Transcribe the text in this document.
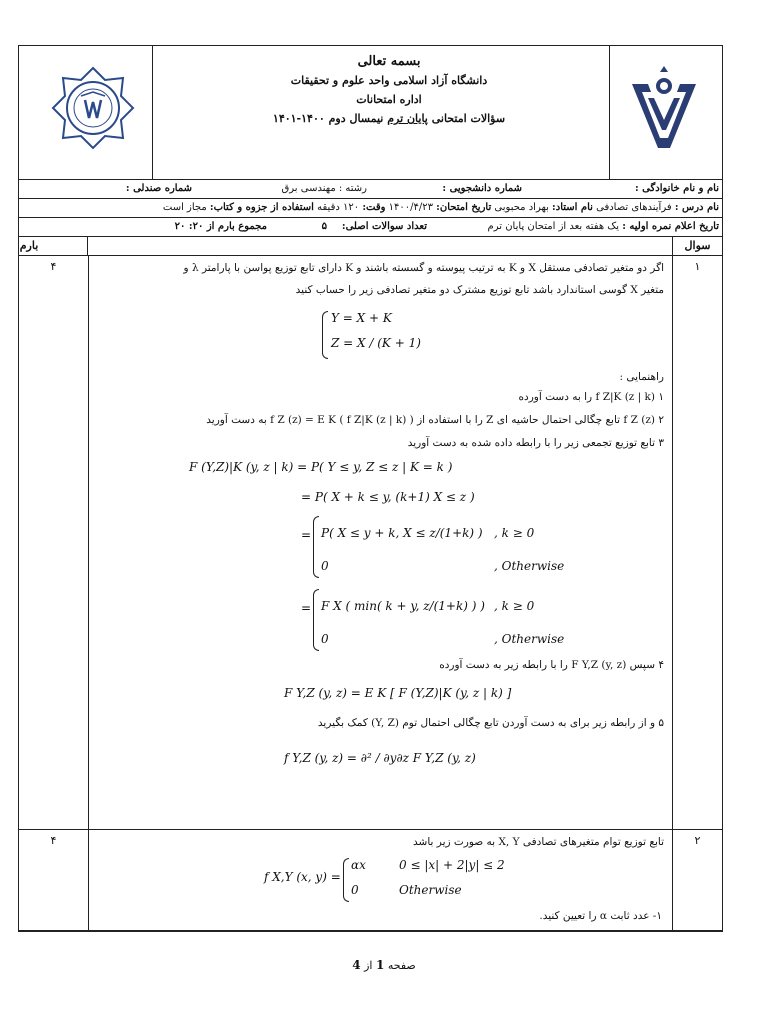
بسمه تعالی
دانشگاه آزاد اسلامی واحد علوم و تحقیقات
اداره امتحانات
سؤالات امتحانی پایان ترم نیمسال دوم ۱۴۰۰-۱۴۰۱
نام و نام خانوادگی :
شماره دانشجویی :
رشته : مهندسی برق
شماره صندلی :
نام درس : فرآیندهای تصادفی نام استاد: بهراد محبوبی تاریخ امتحان: ۱۴۰۰/۴/۲۳ وقت: ۱۲۰ دقیقه استفاده از جزوه و کتاب: مجاز است
تاریخ اعلام نمره اولیه : یک هفته بعد از امتحان پایان ترم
تعداد سوالات اصلی:
۵
مجموع بارم از ۲۰: ۲۰
سوال
بارم
۱
۴	اگر دو متغیر تصادفی مستقل X و K به ترتیب پیوسته و گسسته باشند و K دارای تابع توزیع پواسن با پارامتر λ و
متغیر X گوسی استاندارد باشد تابع توزیع مشترک دو متغیر تصادفی زیر را حساب کنید
Y = X + K
Z = X / (K + 1)
راهنمایی :
۱ f Z|K (z | k) را به دست آورده
۲ f Z (z) تابع چگالی احتمال حاشیه ای Z را با استفاده از f Z (z) = E K ( f Z|K (z | k) ) به دست آورید
۳ تابع توزیع تجمعی زیر را با رابطه داده شده به دست آورید
F (Y,Z)|K (y, z | k) = P( Y ≤ y, Z ≤ z | K = k )
= P( X + k ≤ y, (k+1) X ≤ z )
= P( X ≤ y + k, X ≤ z/(1+k) ) , k ≥ 0
0	, Otherwise
= F X ( min( k + y, z/(1+k) ) ) , k ≥ 0
0	, Otherwise
۴ سپس F Y,Z (y, z) را با رابطه زیر به دست آورده
F Y,Z (y, z) = E K [ F (Y,Z)|K (y, z | k) ]
۵ و از رابطه زیر برای به دست آوردن تابع چگالی احتمال توم (Y, Z) کمک بگیرید
f Y,Z (y, z) = ∂² / ∂y∂z F Y,Z (y, z)
۲
۴	تابع توزیع توام متغیرهای تصادفی X, Y به صورت زیر باشد
f X,Y (x, y) =
αx	0 ≤ |x| + 2|y| ≤ 2
0	Otherwise
۱- عدد ثابت α را تعیین کنید.
صفحه 1 از 4
